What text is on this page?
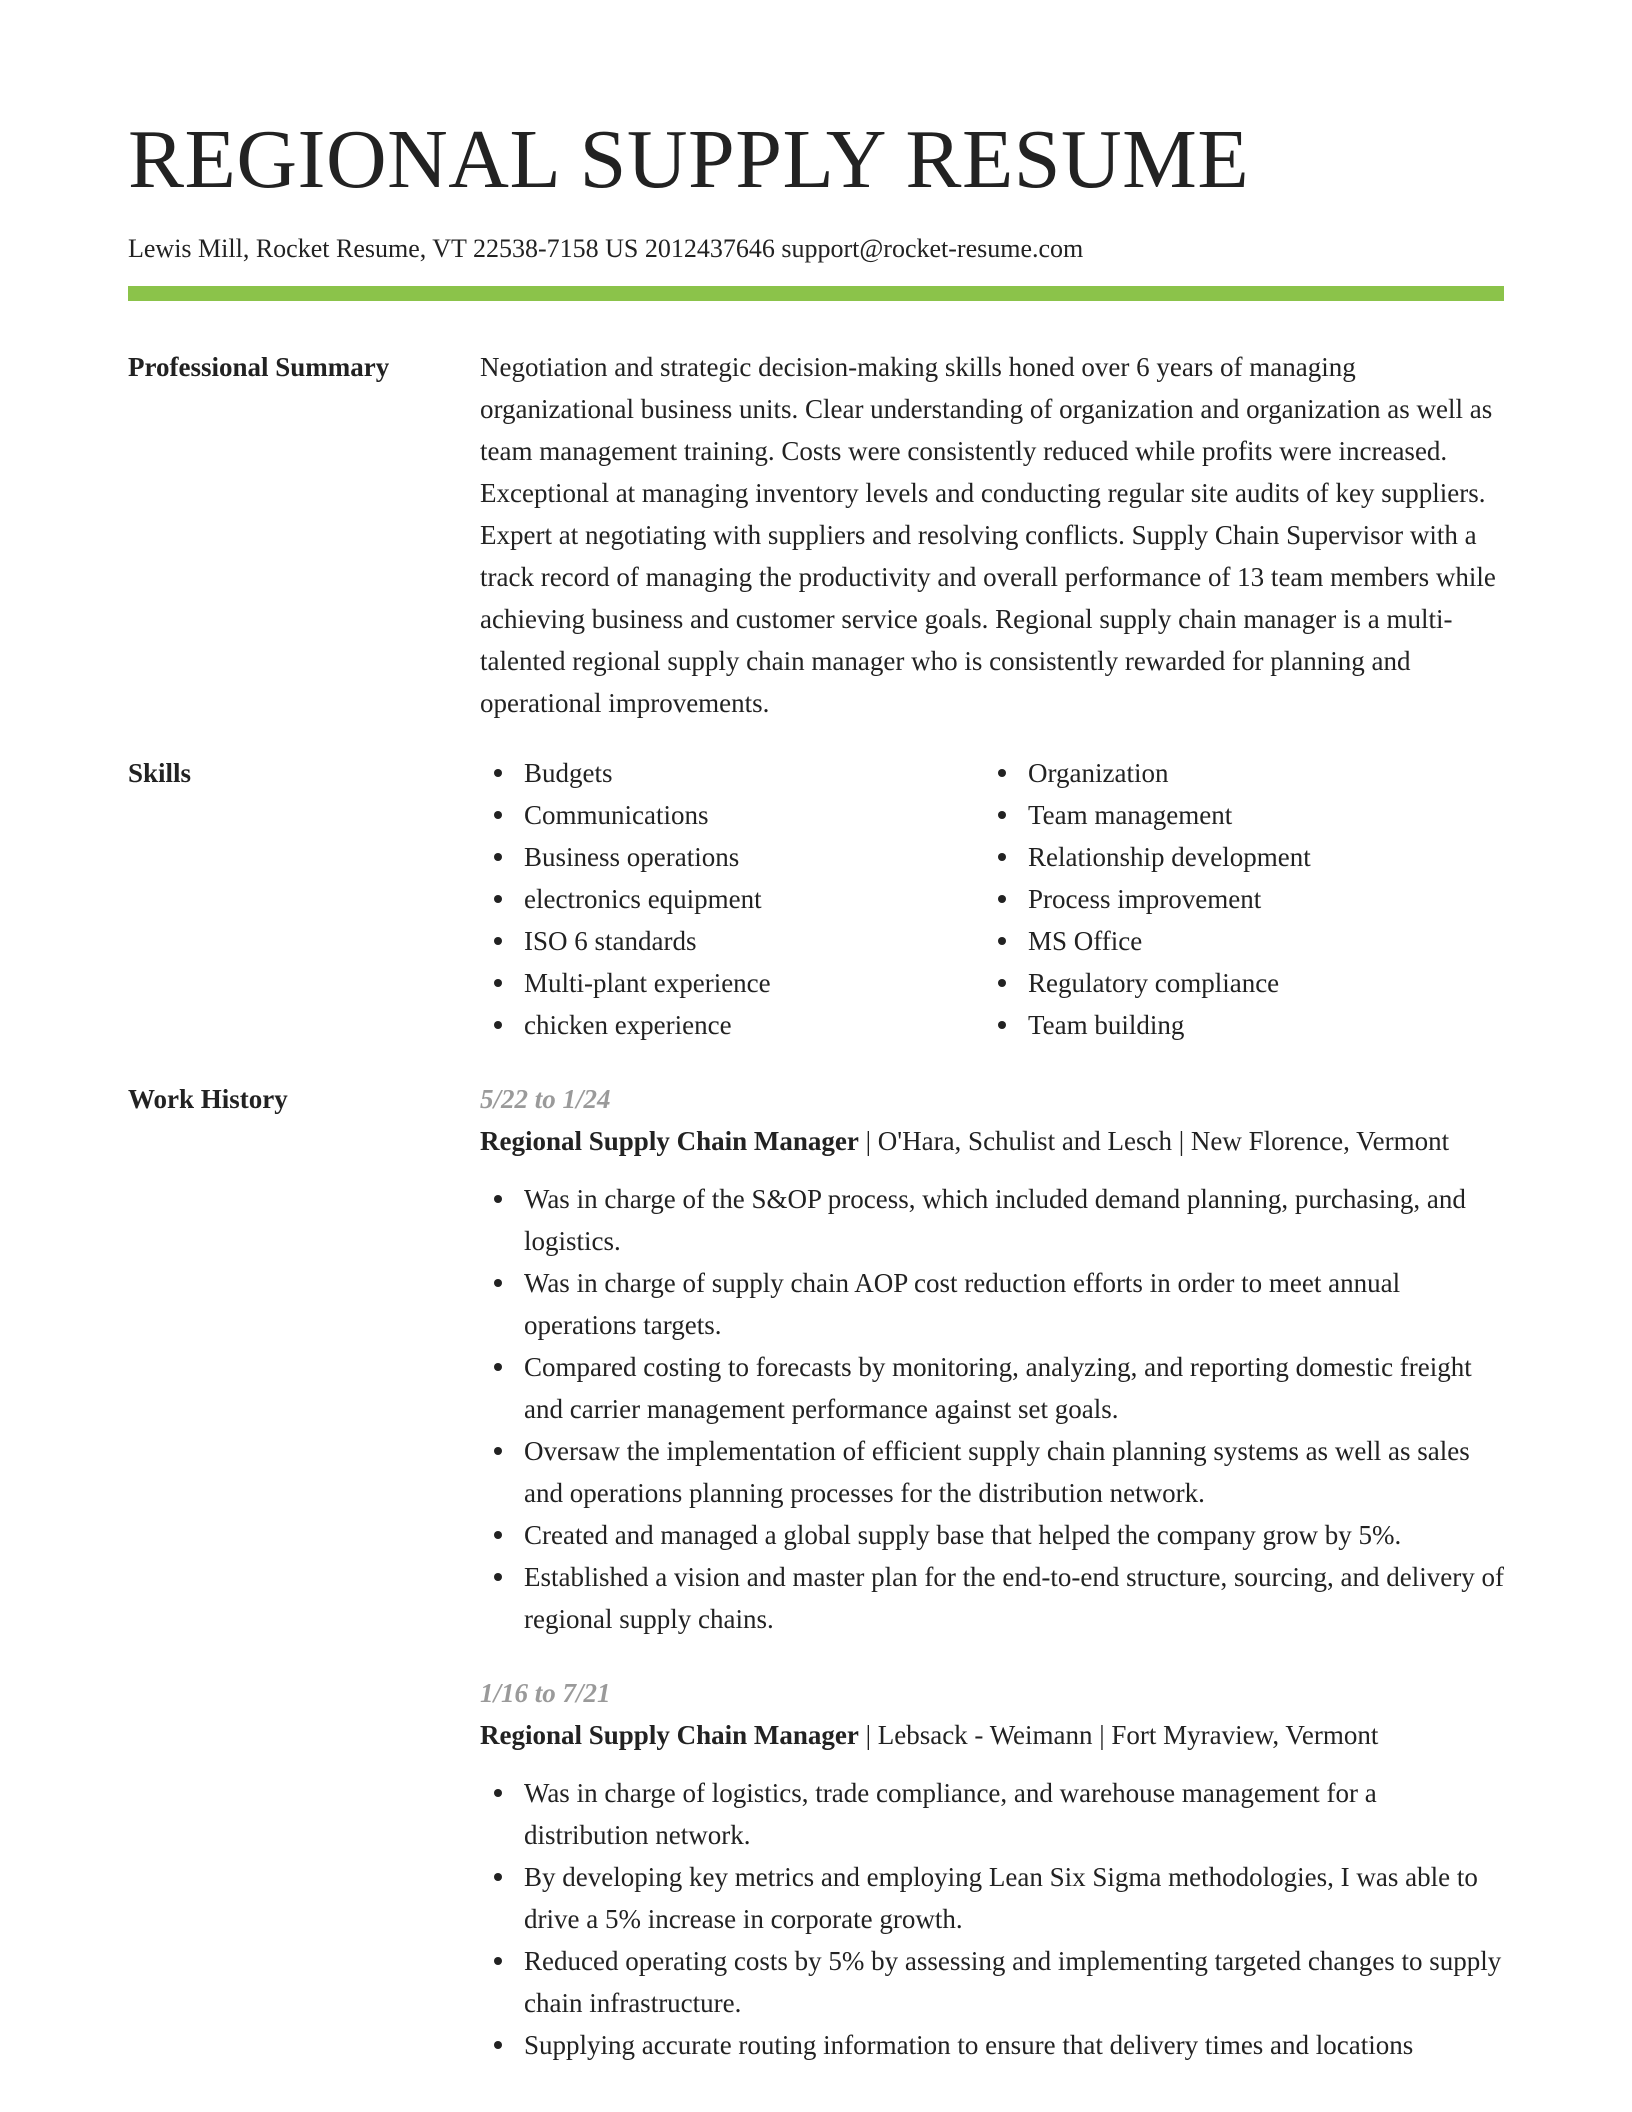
REGIONAL SUPPLY RESUME
Lewis Mill, Rocket Resume, VT 22538-7158 US 2012437646 support@rocket-resume.com
Professional Summary	Negotiation and strategic decision-making skills honed over 6 years of managing organizational business units. Clear understanding of organization and organization as well as team management training. Costs were consistently reduced while profits were increased. Exceptional at managing inventory levels and conducting regular site audits of key suppliers. Expert at negotiating with suppliers and resolving conflicts. Supply Chain Supervisor with a track record of managing the productivity and overall performance of 13 team members while achieving business and customer service goals. Regional supply chain manager is a multi-talented regional supply chain manager who is consistently rewarded for planning and operational improvements.

Skills	Budgets
Communications
Business operations
electronics equipment
ISO 6 standards
Multi-plant experience
chicken experience
Organization
Team management
Relationship development
Process improvement
MS Office
Regulatory compliance
Team building
Work History	5/22 to 1/24
Regional Supply Chain Manager | O'Hara, Schulist and Lesch | New Florence, Vermont
Was in charge of the S&OP process, which included demand planning, purchasing, and logistics.
Was in charge of supply chain AOP cost reduction efforts in order to meet annual operations targets.
Compared costing to forecasts by monitoring, analyzing, and reporting domestic freight and carrier management performance against set goals.
Oversaw the implementation of efficient supply chain planning systems as well as sales and operations planning processes for the distribution network.
Created and managed a global supply base that helped the company grow by 5%.
Established a vision and master plan for the end-to-end structure, sourcing, and delivery of regional supply chains.
1/16 to 7/21
Regional Supply Chain Manager | Lebsack - Weimann | Fort Myraview, Vermont
Was in charge of logistics, trade compliance, and warehouse management for a distribution network.
By developing key metrics and employing Lean Six Sigma methodologies, I was able to drive a 5% increase in corporate growth.
Reduced operating costs by 5% by assessing and implementing targeted changes to supply chain infrastructure.
Supplying accurate routing information to ensure that delivery times and locations
